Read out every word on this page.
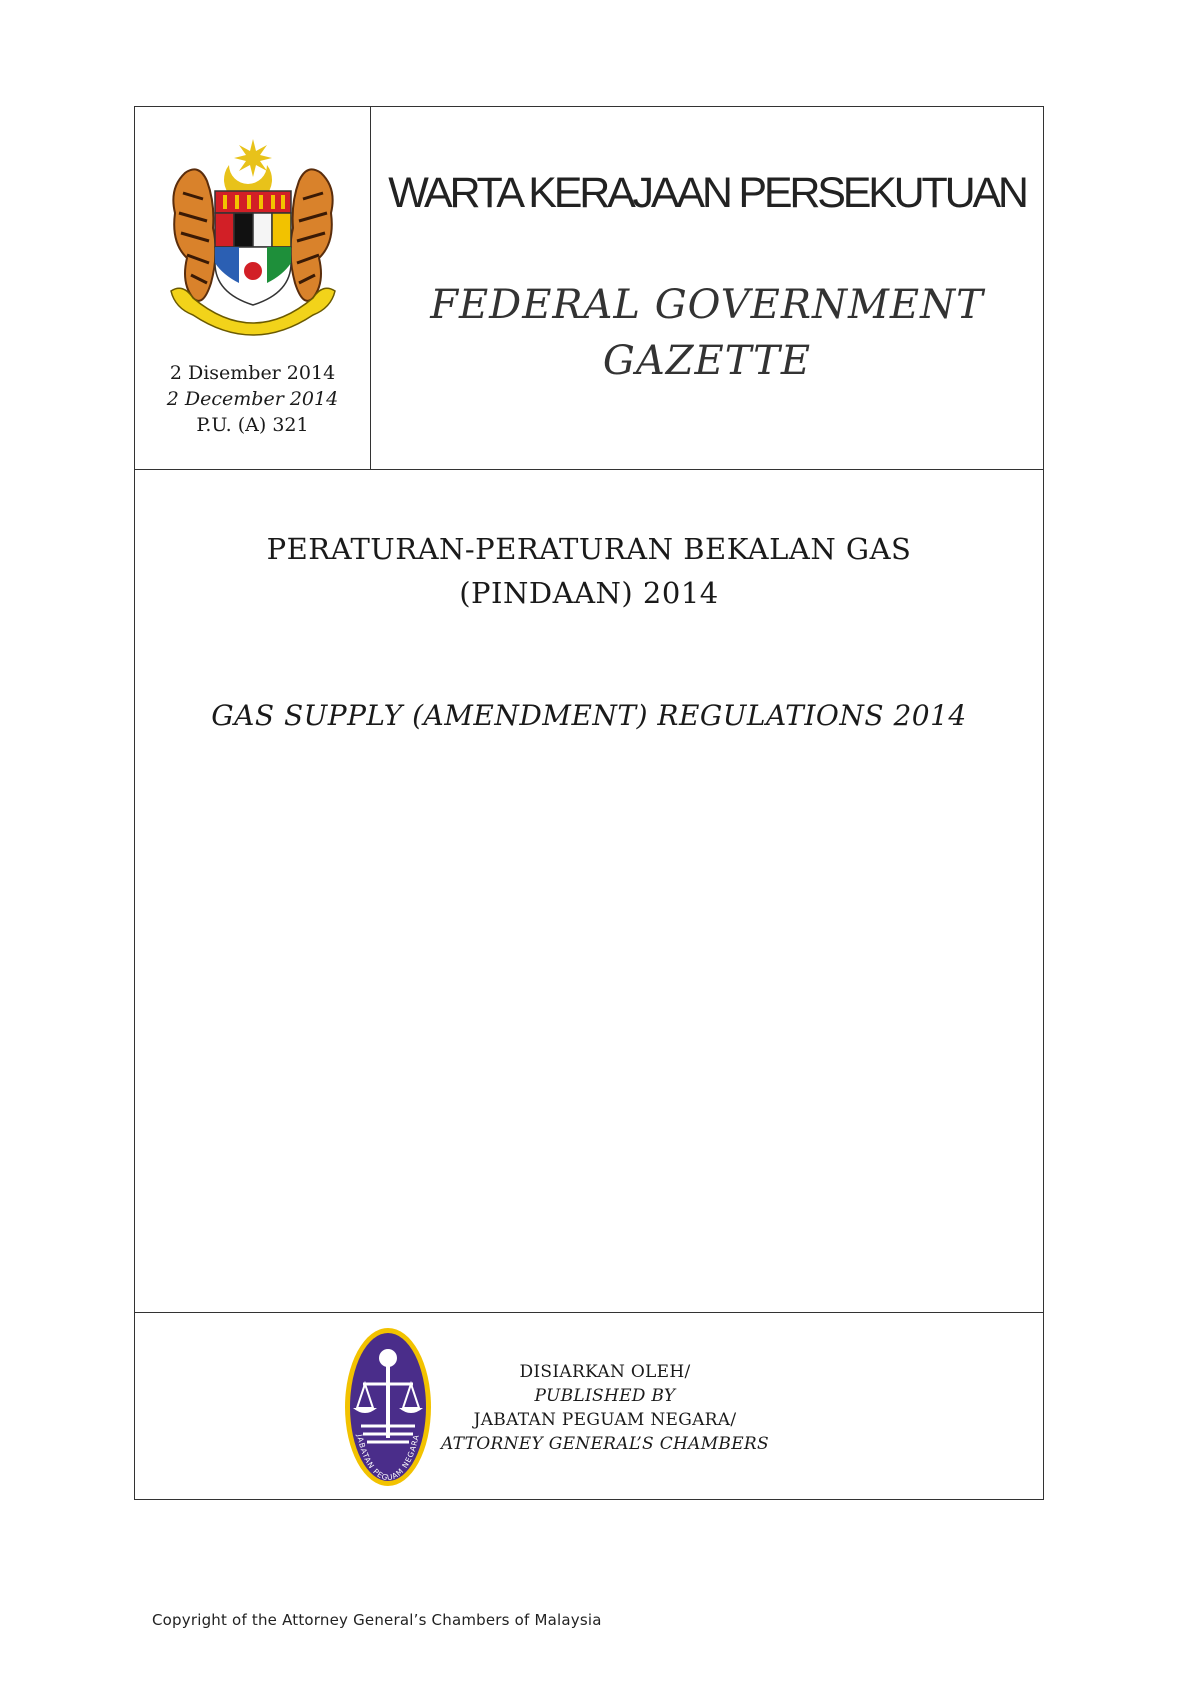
2 Disember 2014
2 December 2014
P.U. (A) 321
WARTA KERAJAAN PERSEKUTUAN
FEDERAL GOVERNMENT
GAZETTE
PERATURAN-PERATURAN BEKALAN GAS
(PINDAAN) 2014
GAS SUPPLY (AMENDMENT) REGULATIONS 2014
JABATAN PEGUAM NEGARA
DISIARKAN OLEH/
PUBLISHED BY
JABATAN PEGUAM NEGARA/
ATTORNEY GENERAL’S CHAMBERS
Copyright of the Attorney General’s Chambers of Malaysia
